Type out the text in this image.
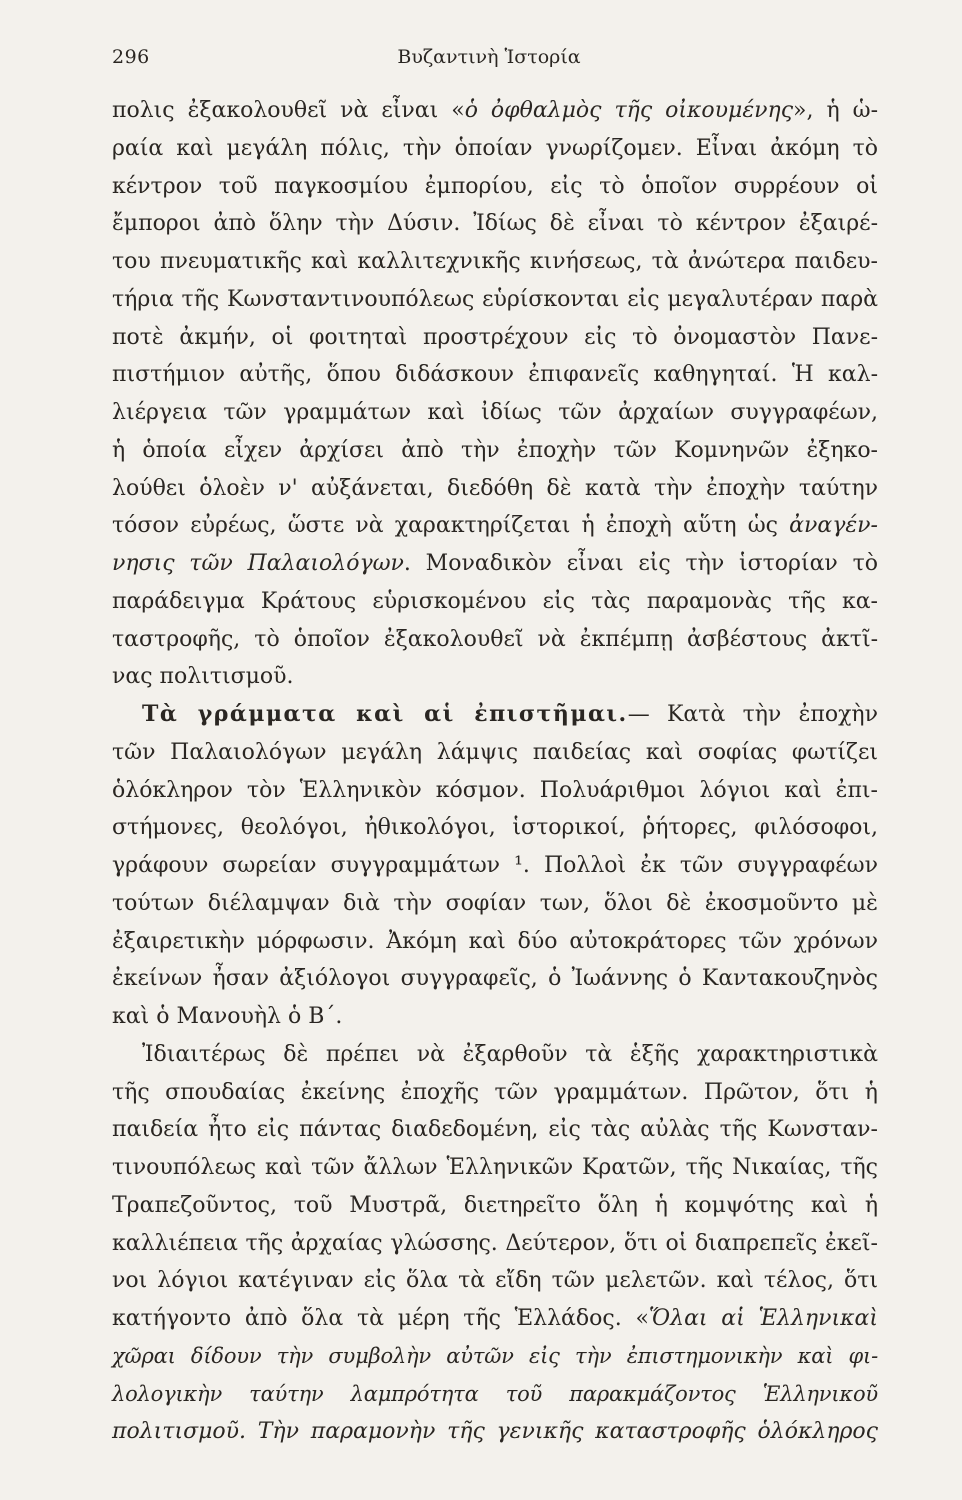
296	Βυζαντινὴ Ἱστορία

πολις ἐξακολουθεῖ νὰ εἶναι «ὁ ὀφθαλμὸς τῆς οἰκουμένης», ἡ ὡ-

ραία καὶ μεγάλη πόλις, τὴν ὁποίαν γνωρίζομεν. Εἶναι ἀκόμη τὸ

κέντρον τοῦ παγκοσμίου ἐμπορίου, εἰς τὸ ὁποῖον συρρέουν οἱ

ἔμποροι ἀπὸ ὅλην τὴν Δύσιν. Ἰδίως δὲ εἶναι τὸ κέντρον ἐξαιρέ-

του πνευματικῆς καὶ καλλιτεχνικῆς κινήσεως, τὰ ἀνώτερα παιδευ-

τήρια τῆς Κωνσταντινουπόλεως εὑρίσκονται εἰς μεγαλυτέραν παρὰ

ποτὲ ἀκμήν, οἱ φοιτηταὶ προστρέχουν εἰς τὸ ὀνομαστὸν Πανε-

πιστήμιον αὐτῆς, ὅπου διδάσκουν ἐπιφανεῖς καθηγηταί. Ἡ καλ-

λιέργεια τῶν γραμμάτων καὶ ἰδίως τῶν ἀρχαίων συγγραφέων,

ἡ ὁποία εἶχεν ἀρχίσει ἀπὸ τὴν ἐποχὴν τῶν Κομνηνῶν ἐξηκο-

λούθει ὁλοὲν ν' αὐξάνεται, διεδόθη δὲ κατὰ τὴν ἐποχὴν ταύτην

τόσον εὐρέως, ὥστε νὰ χαρακτηρίζεται ἡ ἐποχὴ αὕτη ὡς ἀναγέν-

νησις τῶν Παλαιολόγων. Μοναδικὸν εἶναι εἰς τὴν ἱστορίαν τὸ

παράδειγμα Κράτους εὑρισκομένου εἰς τὰς παραμονὰς τῆς κα-

ταστροφῆς, τὸ ὁποῖον ἐξακολουθεῖ νὰ ἐκπέμπῃ ἀσβέστους ἀκτῖ-

νας πολιτισμοῦ.

Τὰ γράμματα καὶ αἱ ἐπιστῆμαι.— Κατὰ τὴν ἐποχὴν

τῶν Παλαιολόγων μεγάλη λάμψις παιδείας καὶ σοφίας φωτίζει

ὁλόκληρον τὸν Ἑλληνικὸν κόσμον. Πολυάριθμοι λόγιοι καὶ ἐπι-

στήμονες, θεολόγοι, ἠθικολόγοι, ἱστορικοί, ῥήτορες, φιλόσοφοι,

γράφουν σωρείαν συγγραμμάτων ¹. Πολλοὶ ἐκ τῶν συγγραφέων

τούτων διέλαμψαν διὰ τὴν σοφίαν των, ὅλοι δὲ ἐκοσμοῦντο μὲ

ἐξαιρετικὴν μόρφωσιν. Ἀκόμη καὶ δύο αὐτοκράτορες τῶν χρόνων

ἐκείνων ἦσαν ἀξιόλογοι συγγραφεῖς, ὁ Ἰωάννης ὁ Καντακουζηνὸς

καὶ ὁ Μανουὴλ ὁ Β΄.

Ἰδιαιτέρως δὲ πρέπει νὰ ἐξαρθοῦν τὰ ἑξῆς χαρακτηριστικὰ

τῆς σπουδαίας ἐκείνης ἐποχῆς τῶν γραμμάτων. Πρῶτον, ὅτι ἡ

παιδεία ἦτο εἰς πάντας διαδεδομένη, εἰς τὰς αὐλὰς τῆς Κωνσταν-

τινουπόλεως καὶ τῶν ἄλλων Ἑλληνικῶν Κρατῶν, τῆς Νικαίας, τῆς

Τραπεζοῦντος, τοῦ Μυστρᾶ, διετηρεῖτο ὅλη ἡ κομψότης καὶ ἡ

καλλιέπεια τῆς ἀρχαίας γλώσσης. Δεύτερον, ὅτι οἱ διαπρεπεῖς ἐκεῖ-

νοι λόγιοι κατέγιναν εἰς ὅλα τὰ εἴδη τῶν μελετῶν. καὶ τέλος, ὅτι

κατήγοντο ἀπὸ ὅλα τὰ μέρη τῆς Ἑλλάδος. «Ὅλαι αἱ Ἑλληνικαὶ

χῶραι δίδουν τὴν συμβολὴν αὐτῶν εἰς τὴν ἐπιστημονικὴν καὶ φι-

λολογικὴν ταύτην λαμπρότητα τοῦ παρακμάζοντος Ἑλληνικοῦ

πολιτισμοῦ. Τὴν παραμονὴν τῆς γενικῆς καταστροφῆς ὁλόκληρος
